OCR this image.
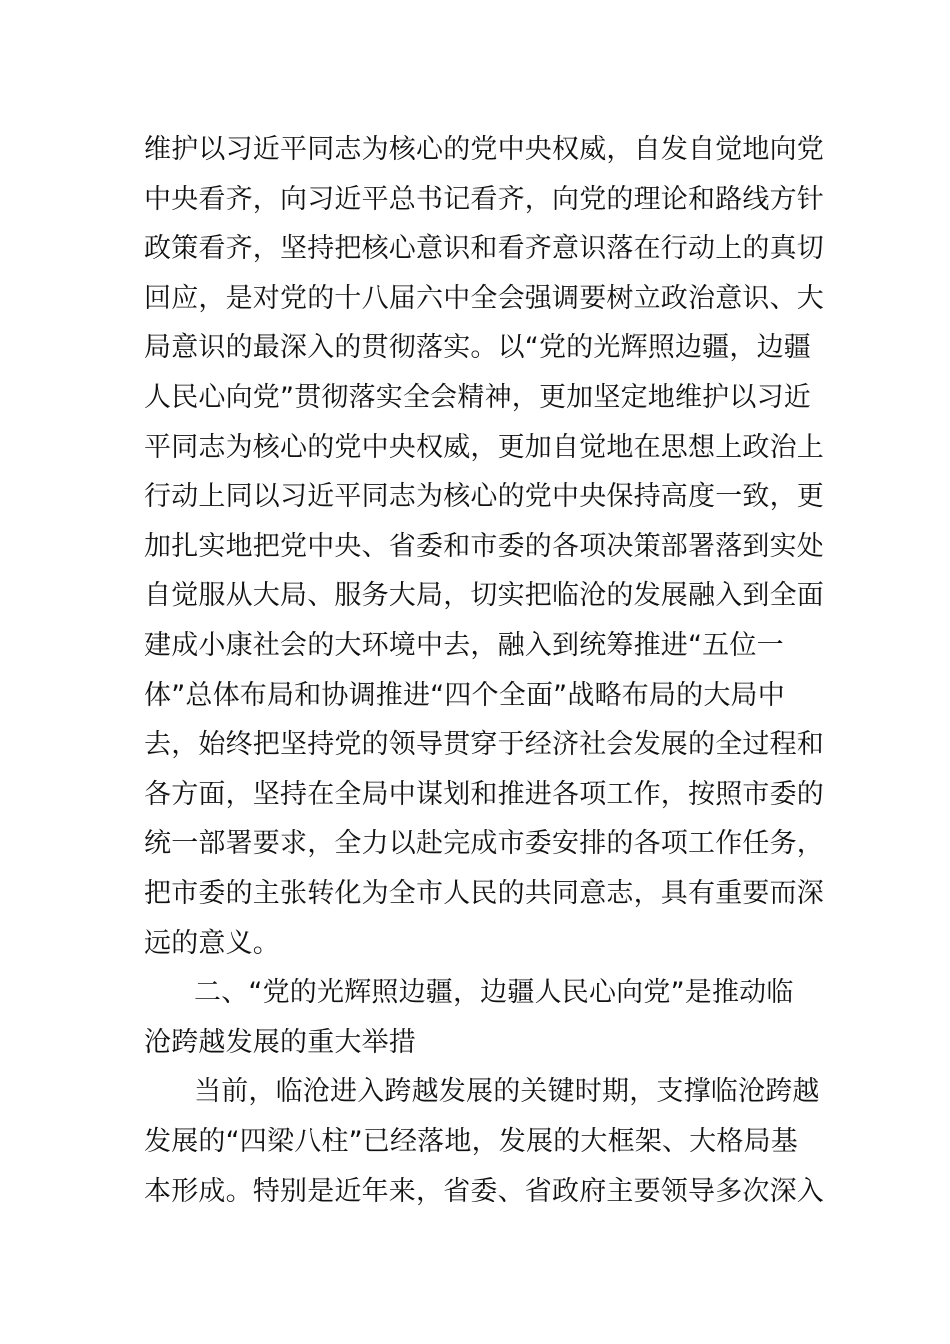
维护以习近平同志为核心的党中央权威，自发自觉地向党
中央看齐，向习近平总书记看齐，向党的理论和路线方针
政策看齐，坚持把核心意识和看齐意识落在行动上的真切
回应，是对党的十八届六中全会强调要树立政治意识、大
局意识的最深入的贯彻落实。以“党的光辉照边疆，边疆
人民心向党”贯彻落实全会精神，更加坚定地维护以习近
平同志为核心的党中央权威，更加自觉地在思想上政治上
行动上同以习近平同志为核心的党中央保持高度一致，更
加扎实地把党中央、省委和市委的各项决策部署落到实处
自觉服从大局、服务大局，切实把临沧的发展融入到全面
建成小康社会的大环境中去，融入到统筹推进“五位一
体”总体布局和协调推进“四个全面”战略布局的大局中
去，始终把坚持党的领导贯穿于经济社会发展的全过程和
各方面，坚持在全局中谋划和推进各项工作，按照市委的
统一部署要求，全力以赴完成市委安排的各项工作任务，
把市委的主张转化为全市人民的共同意志，具有重要而深
远的意义。
二、“党的光辉照边疆，边疆人民心向党”是推动临
沧跨越发展的重大举措
当前，临沧进入跨越发展的关键时期，支撑临沧跨越
发展的“四梁八柱”已经落地，发展的大框架、大格局基
本形成。特别是近年来，省委、省政府主要领导多次深入
